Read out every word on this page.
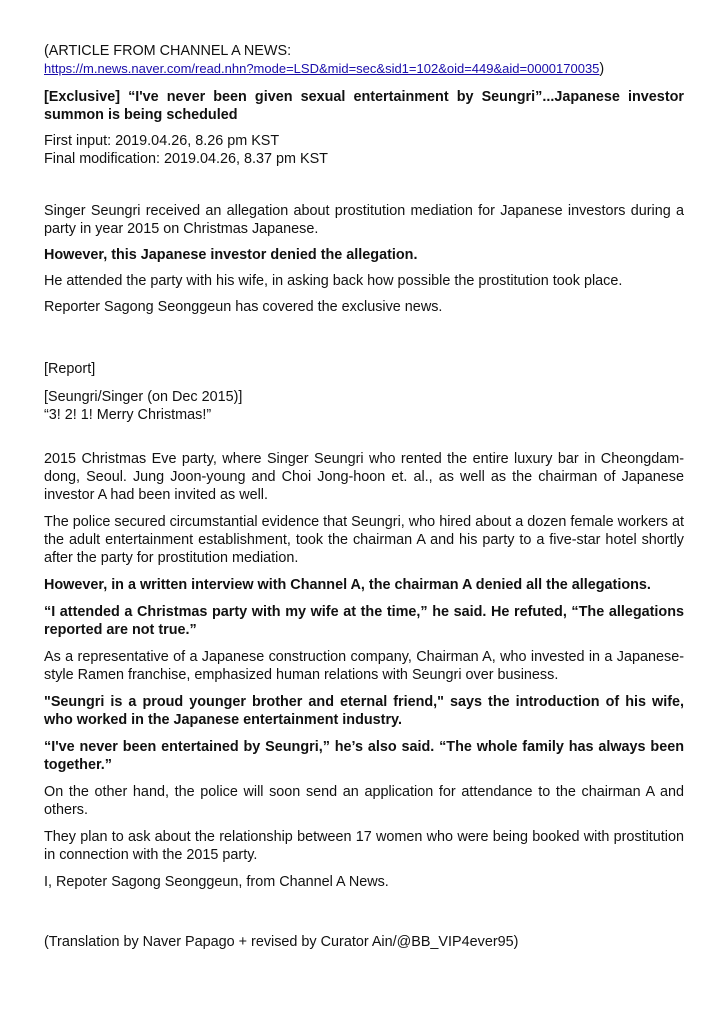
(ARTICLE FROM CHANNEL A NEWS:

https://m.news.naver.com/read.nhn?mode=LSD&mid=sec&sid1=102&oid=449&aid=0000170035)

[Exclusive] “I've never been given sexual entertainment by Seungri”...Japanese investor summon is being scheduled

First input: 2019.04.26, 8.26 pm KST

Final modification: 2019.04.26, 8.37 pm KST

Singer Seungri received an allegation about prostitution mediation for Japanese investors during a party in year 2015 on Christmas Japanese.

However, this Japanese investor denied the allegation.

He attended the party with his wife, in asking back how possible the prostitution took place.

Reporter Sagong Seonggeun has covered the exclusive news.

[Report]

[Seungri/Singer (on Dec 2015)]

“3! 2! 1! Merry Christmas!”

2015 Christmas Eve party, where Singer Seungri who rented the entire luxury bar in Cheongdam-dong, Seoul. Jung Joon-young and Choi Jong-hoon et. al., as well as the chairman of Japanese investor A had been invited as well.

The police secured circumstantial evidence that Seungri, who hired about a dozen female workers at the adult entertainment establishment, took the chairman A and his party to a five-star hotel shortly after the party for prostitution mediation.

However, in a written interview with Channel A, the chairman A denied all the allegations.

“I attended a Christmas party with my wife at the time,” he said. He refuted, “The allegations reported are not true.”

As a representative of a Japanese construction company, Chairman A, who invested in a Japanese-style Ramen franchise, emphasized human relations with Seungri over business.

"Seungri is a proud younger brother and eternal friend," says the introduction of his wife, who worked in the Japanese entertainment industry.

“I've never been entertained by Seungri,” he’s also said. “The whole family has always been together.”

On the other hand, the police will soon send an application for attendance to the chairman A and others.

They plan to ask about the relationship between 17 women who were being booked with prostitution in connection with the 2015 party.

I, Repoter Sagong Seonggeun, from Channel A News.

(Translation by Naver Papago + revised by Curator Ain/@BB_VIP4ever95)
